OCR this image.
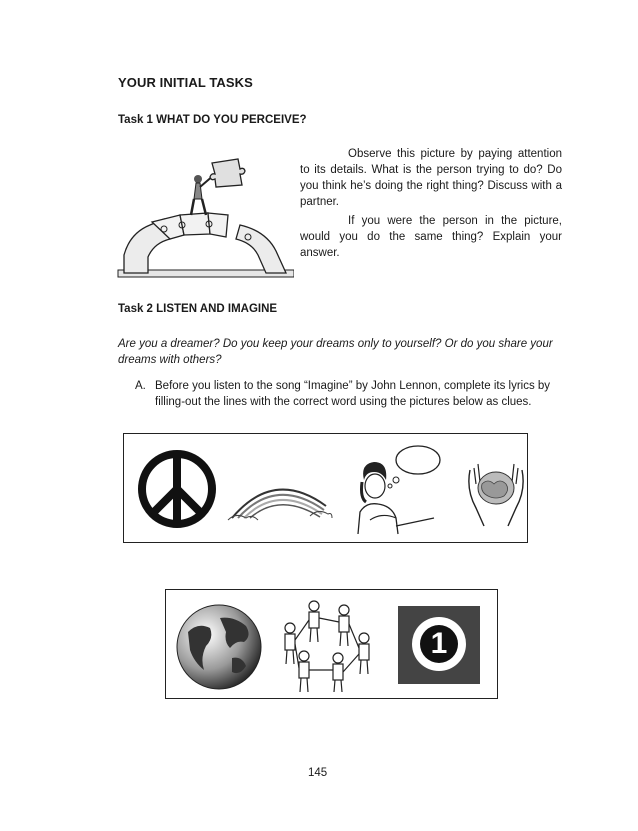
YOUR INITIAL TASKS
Task 1 WHAT DO YOU PERCEIVE?
Observe this picture by paying attention to its details. What is the person trying to do? Do you think he’s doing the right thing? Discuss with a partner.
If you were the person in the picture, would you do the same thing? Explain your answer.
Task 2 LISTEN AND IMAGINE
Are you a dreamer? Do you keep your dreams only to yourself? Or do you share your dreams with others?
A. Before you listen to the song “Imagine” by John Lennon, complete its lyrics by filling-out the lines with the correct word using the pictures below as clues.
1
145
